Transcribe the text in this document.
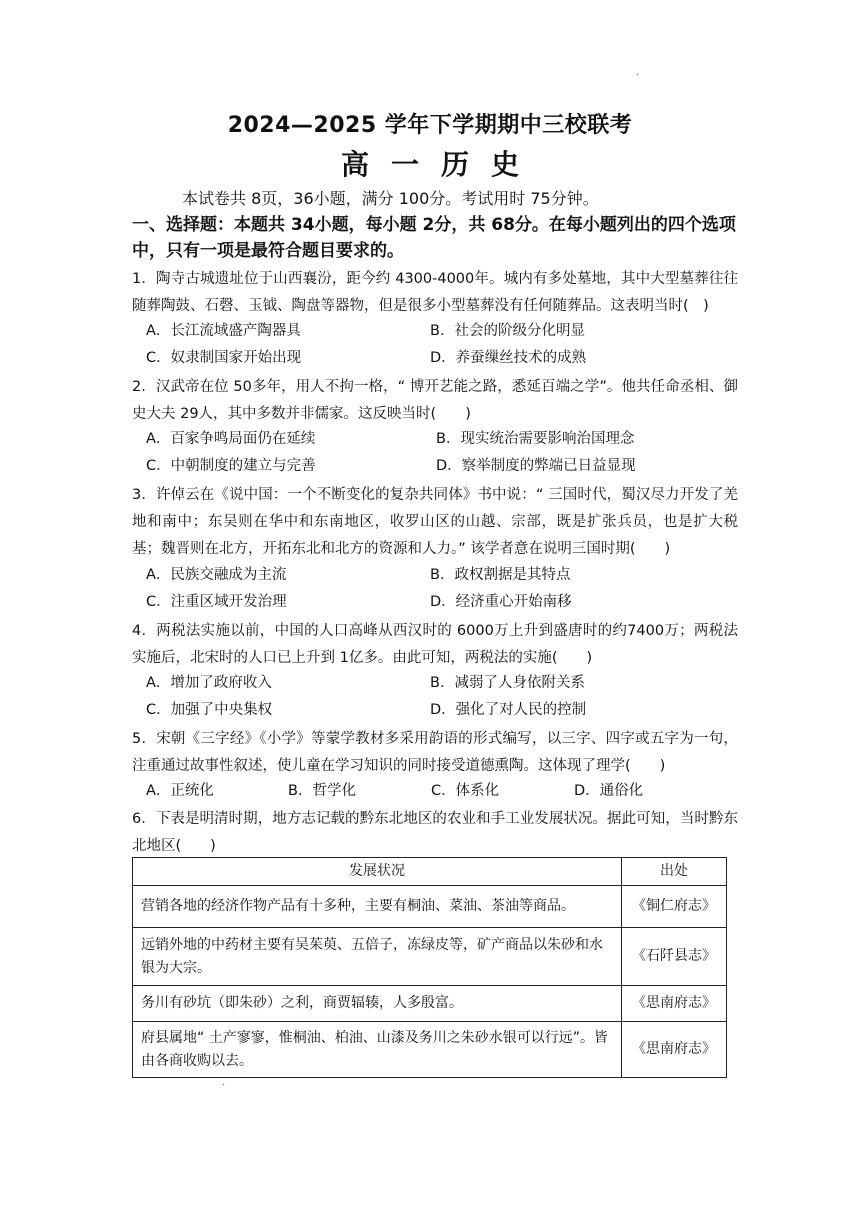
·
2024—2025 学年下学期期中三校联考
高一历史
本试卷共 8页，36小题，满分 100分。考试用时 75分钟。
一、选择题：本题共 34小题，每小题 2分，共 68分。在每小题列出的四个选项中，只有一项是最符合题目要求的。
1．陶寺古城遗址位于山西襄汾，距今约 4300-4000年。城内有多处墓地，其中大型墓葬往往随葬陶鼓、石磬、玉钺、陶盘等器物，但是很多小型墓葬没有任何随葬品。这表明当时(　)
A．长江流域盛产陶器具	B．社会的阶级分化明显
C．奴隶制国家开始出现	D．养蚕缫丝技术的成熟
2．汉武帝在位 50多年，用人不拘一格，“ 博开艺能之路，悉延百端之学”。他共任命丞相、御史大夫 29人，其中多数并非儒家。这反映当时(　　)
A．百家争鸣局面仍在延续	B．现实统治需要影响治国理念
C．中朝制度的建立与完善	D．察举制度的弊端已日益显现
3．许倬云在《说中国：一个不断变化的复杂共同体》书中说：“ 三国时代，蜀汉尽力开发了羌地和南中；东吴则在华中和东南地区，收罗山区的山越、宗部，既是扩张兵员，也是扩大税基；魏晋则在北方，开拓东北和北方的资源和人力。” 该学者意在说明三国时期(　　)
A．民族交融成为主流	B．政权割据是其特点
C．注重区域开发治理	D．经济重心开始南移
4．两税法实施以前，中国的人口高峰从西汉时的 6000万上升到盛唐时的约7400万；两税法实施后，北宋时的人口已上升到 1亿多。由此可知，两税法的实施(　　)
A．增加了政府收入	B．减弱了人身依附关系
C．加强了中央集权	D．强化了对人民的控制
5．宋朝《三字经》《小学》等蒙学教材多采用韵语的形式编写，以三字、四字或五字为一句，注重通过故事性叙述，使儿童在学习知识的同时接受道德熏陶。这体现了理学(　　)
A．正统化	B．哲学化	C．体系化	D．通俗化
6．下表是明清时期，地方志记载的黔东北地区的农业和手工业发展状况。据此可知，当时黔东北地区(　　)
发展状况	出处
营销各地的经济作物产品有十多种，主要有桐油、菜油、茶油等商品。	《铜仁府志》
远销外地的中药材主要有吴茱萸、五倍子，冻绿皮等，矿产商品以朱砂和水银为大宗。	《石阡县志》
务川有砂坑（即朱砂）之利，商贾辐辏，人多殷富。	《思南府志》
府县属地“ 土产寥寥，惟桐油、柏油、山漆及务川之朱砂水银可以行远”。皆由各商收购以去。	《思南府志》
·
